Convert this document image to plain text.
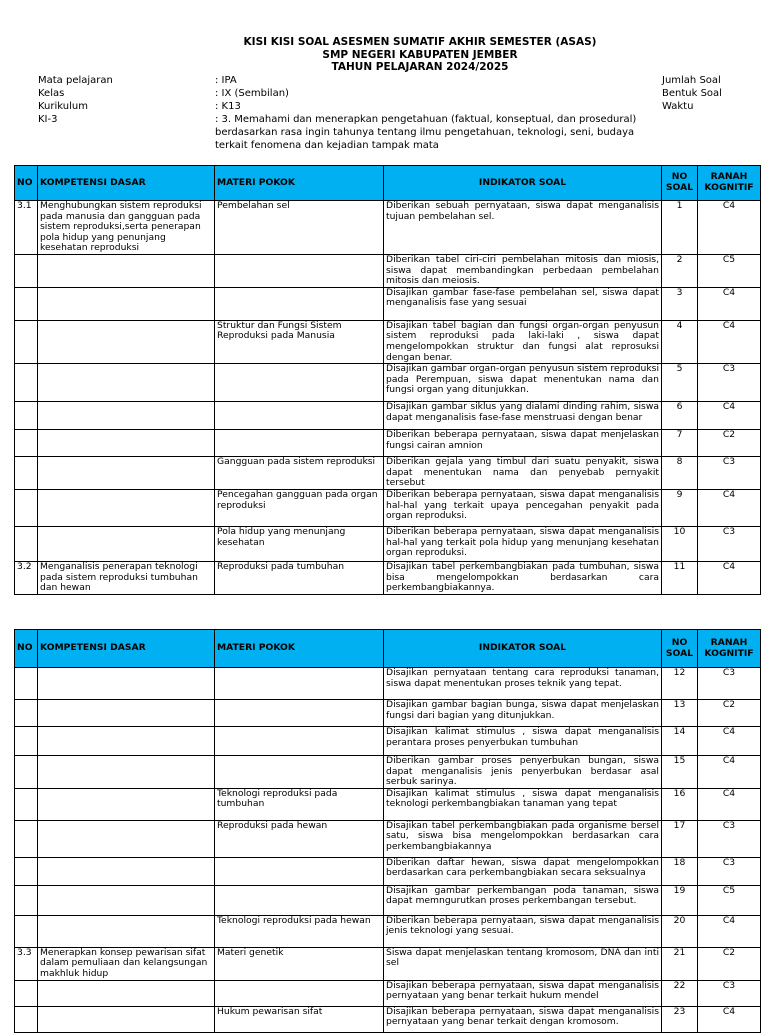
KISI KISI SOAL ASESMEN SUMATIF AKHIR SEMESTER (ASAS)
SMP NEGERI KABUPATEN JEMBER
TAHUN PELAJARAN 2024/2025
Mata pelajaran	: IPA
Kelas	: IX (Sembilan)
Kurikulum	: K13
KI-3	: 3. Memahami dan menerapkan pengetahuan (faktual, konseptual, dan prosedural) berdasarkan rasa ingin tahunya tentang ilmu pengetahuan, teknologi, seni, budaya terkait fenomena dan kejadian tampak mata
Jumlah Soal
Bentuk Soal
Waktu
NO	KOMPETENSI DASAR	MATERI POKOK	INDIKATOR SOAL	NO SOAL	RANAH KOGNITIF
3.1	Menghubungkan sistem reproduksi pada manusia dan gangguan pada sistem reproduksi,serta penerapan pola hidup yang penunjang kesehatan reproduksi	Pembelahan sel	Diberikan sebuah pernyataan, siswa dapat menganalisis tujuan pembelahan sel.	1	C4
			Diberikan tabel ciri-ciri pembelahan mitosis dan miosis, siswa dapat membandingkan perbedaan pembelahan mitosis dan meiosis.	2	C5
			Disajikan gambar fase-fase pembelahan sel, siswa dapat menganalisis fase yang sesuai	3	C4
		Struktur dan Fungsi Sistem Reproduksi pada Manusia	Disajikan tabel bagian dan fungsi organ-organ penyusun sistem reproduksi pada laki-laki , siswa dapat mengelompokkan struktur dan fungsi alat reprosuksi dengan benar.	4	C4
			Disajikan gambar organ-organ penyusun sistem reproduksi pada Perempuan, siswa dapat menentukan nama dan fungsi organ yang ditunjukkan.	5	C3
			Disajikan gambar siklus yang dialami dinding rahim, siswa dapat menganalisis fase-fase menstruasi dengan benar	6	C4
			Diberikan beberapa pernyataan, siswa dapat menjelaskan fungsi cairan amnion	7	C2
		Gangguan pada sistem reproduksi	Diberikan gejala yang timbul dari suatu penyakit, siswa dapat menentukan nama dan penyebab pernyakit tersebut	8	C3
		Pencegahan gangguan pada organ reproduksi	Diberikan beberapa pernyataan, siswa dapat menganalisis hal-hal yang terkait upaya pencegahan penyakit pada organ reproduksi.	9	C4
		Pola hidup yang menunjang kesehatan	Diberikan beberapa pernyataan, siswa dapat menganalisis hal-hal yang terkait pola hidup yang menunjang kesehatan organ reproduksi.	10	C3
3.2	Menganalisis penerapan teknologi pada sistem reproduksi tumbuhan dan hewan	Reproduksi pada tumbuhan	Disajikan tabel perkembangbiakan pada tumbuhan, siswa bisa mengelompokkan berdasarkan cara perkembangbiakannya.	11	C4
NO	KOMPETENSI DASAR	MATERI POKOK	INDIKATOR SOAL	NO SOAL	RANAH KOGNITIF
			Disajikan pernyataan tentang cara reproduksi tanaman, siswa dapat menentukan proses teknik yang tepat.	12	C3
			Disajikan gambar bagian bunga, siswa dapat menjelaskan fungsi dari bagian yang ditunjukkan.	13	C2
			Disajikan kalimat stimulus , siswa dapat menganalisis perantara proses penyerbukan tumbuhan	14	C4
			Diberikan gambar proses penyerbukan bungan, siswa dapat menganalisis jenis penyerbukan berdasar asal serbuk sarinya.	15	C4
		Teknologi reproduksi pada tumbuhan	Disajikan kalimat stimulus , siswa dapat menganalisis teknologi perkembangbiakan tanaman yang tepat	16	C4
		Reproduksi pada hewan	Disajikan tabel perkembangbiakan pada organisme bersel satu, siswa bisa mengelompokkan berdasarkan cara perkembangbiakannya	17	C3
			Diberikan daftar hewan, siswa dapat mengelompokkan berdasarkan cara perkembangbiakan secara seksualnya	18	C3
			Disajikan gambar perkembangan poda tanaman, siswa dapat memngurutkan proses perkembangan tersebut.	19	C5
		Teknologi reproduksi pada hewan	Diberikan beberapa pernyataan, siswa dapat menganalisis jenis teknologi yang sesuai.	20	C4
3.3	Menerapkan konsep pewarisan sifat dalam pemuliaan dan kelangsungan makhluk hidup	Materi genetik	Siswa dapat menjelaskan tentang kromosom, DNA dan inti sel	21	C2
			Disajikan beberapa pernyataan, siswa dapat menganalisis pernyataan yang benar terkait hukum mendel	22	C3
		Hukum pewarisan sifat	Disajikan beberapa pernyataan, siswa dapat menganalisis pernyataan yang benar terkait dengan kromosom.	23	C4
